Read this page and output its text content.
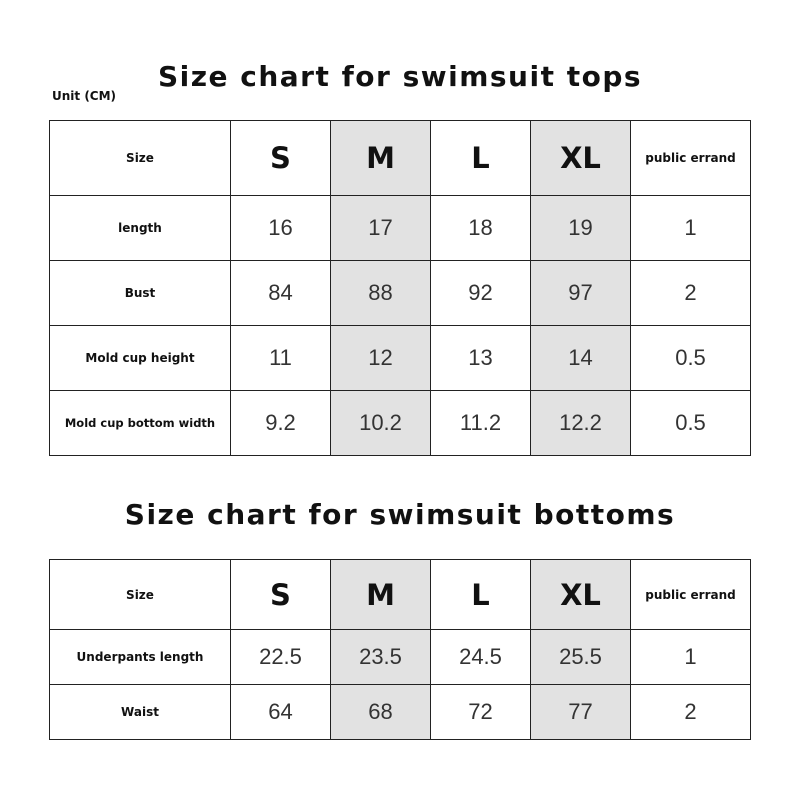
Size chart for swimsuit tops
Unit (CM)
Size	S	M	L	XL	public errand
length	16	17	18	19	1
Bust	84	88	92	97	2
Mold cup height	11	12	13	14	0.5
Mold cup bottom width	9.2	10.2	11.2	12.2	0.5
Size chart for swimsuit bottoms
Size	S	M	L	XL	public errand
Underpants length	22.5	23.5	24.5	25.5	1
Waist	64	68	72	77	2
